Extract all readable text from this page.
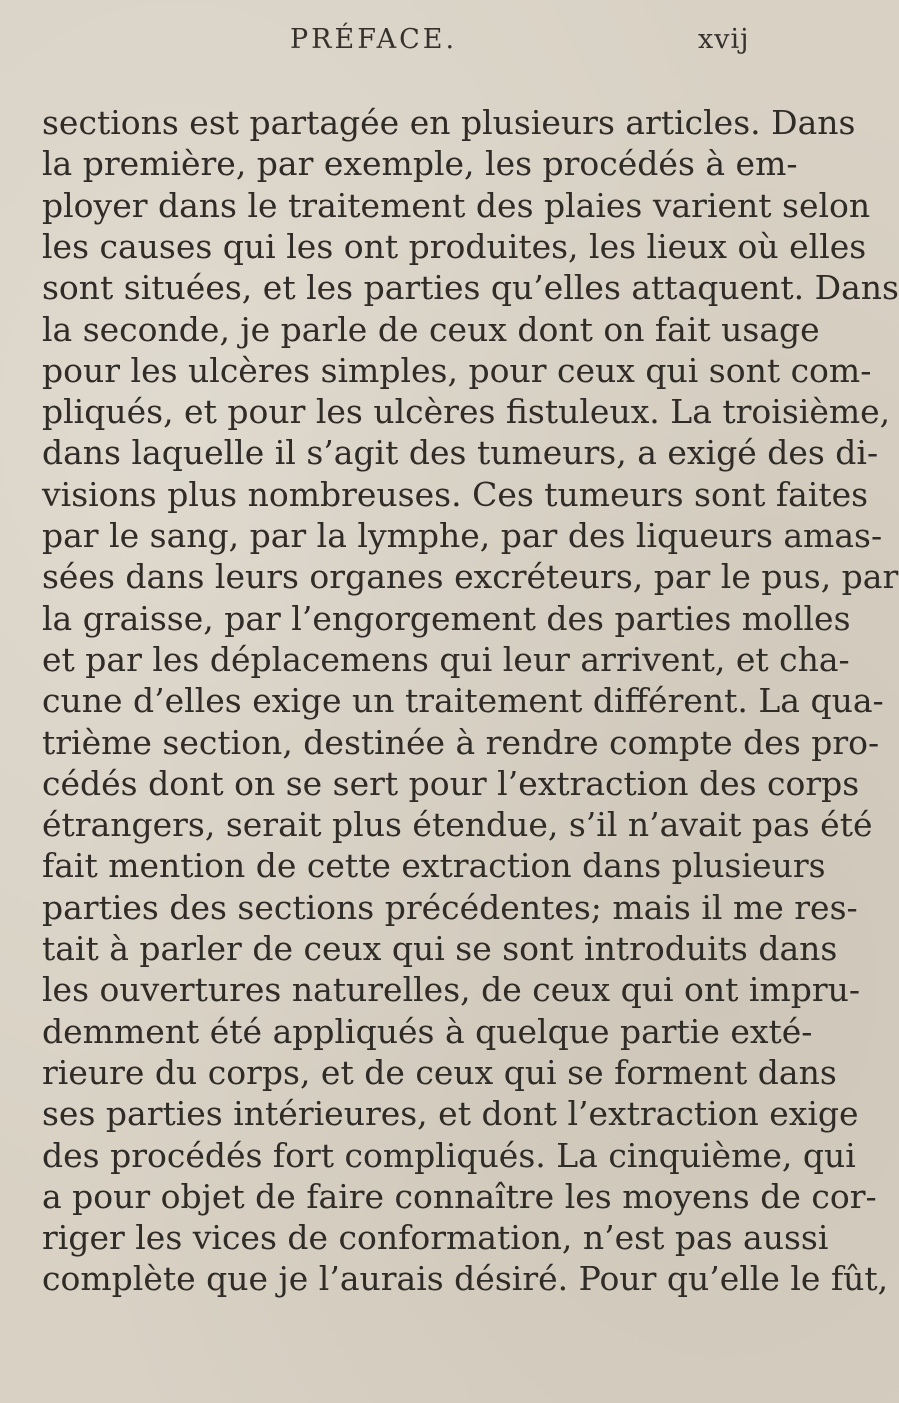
PRÉFACE.	xvij
sections est partagée en plusieurs articles. Dans
la première, par exemple, les procédés à em-
ployer dans le traitement des plaies varient selon
les causes qui les ont produites, les lieux où elles
sont situées, et les parties qu’elles attaquent. Dans
la seconde, je parle de ceux dont on fait usage
pour les ulcères simples, pour ceux qui sont com-
pliqués, et pour les ulcères fistuleux. La troisième,
dans laquelle il s’agit des tumeurs, a exigé des di-
visions plus nombreuses. Ces tumeurs sont faites
par le sang, par la lymphe, par des liqueurs amas-
sées dans leurs organes excréteurs, par le pus, par
la graisse, par l’engorgement des parties molles
et par les déplacemens qui leur arrivent, et cha-
cune d’elles exige un traitement différent. La qua-
trième section, destinée à rendre compte des pro-
cédés dont on se sert pour l’extraction des corps
étrangers, serait plus étendue, s’il n’avait pas été
fait mention de cette extraction dans plusieurs
parties des sections précédentes; mais il me res-
tait à parler de ceux qui se sont introduits dans
les ouvertures naturelles, de ceux qui ont impru-
demment été appliqués à quelque partie exté-
rieure du corps, et de ceux qui se forment dans
ses parties intérieures, et dont l’extraction exige
des procédés fort compliqués. La cinquième, qui
a pour objet de faire connaître les moyens de cor-
riger les vices de conformation, n’est pas aussi
complète que je l’aurais désiré. Pour qu’elle le fût,
